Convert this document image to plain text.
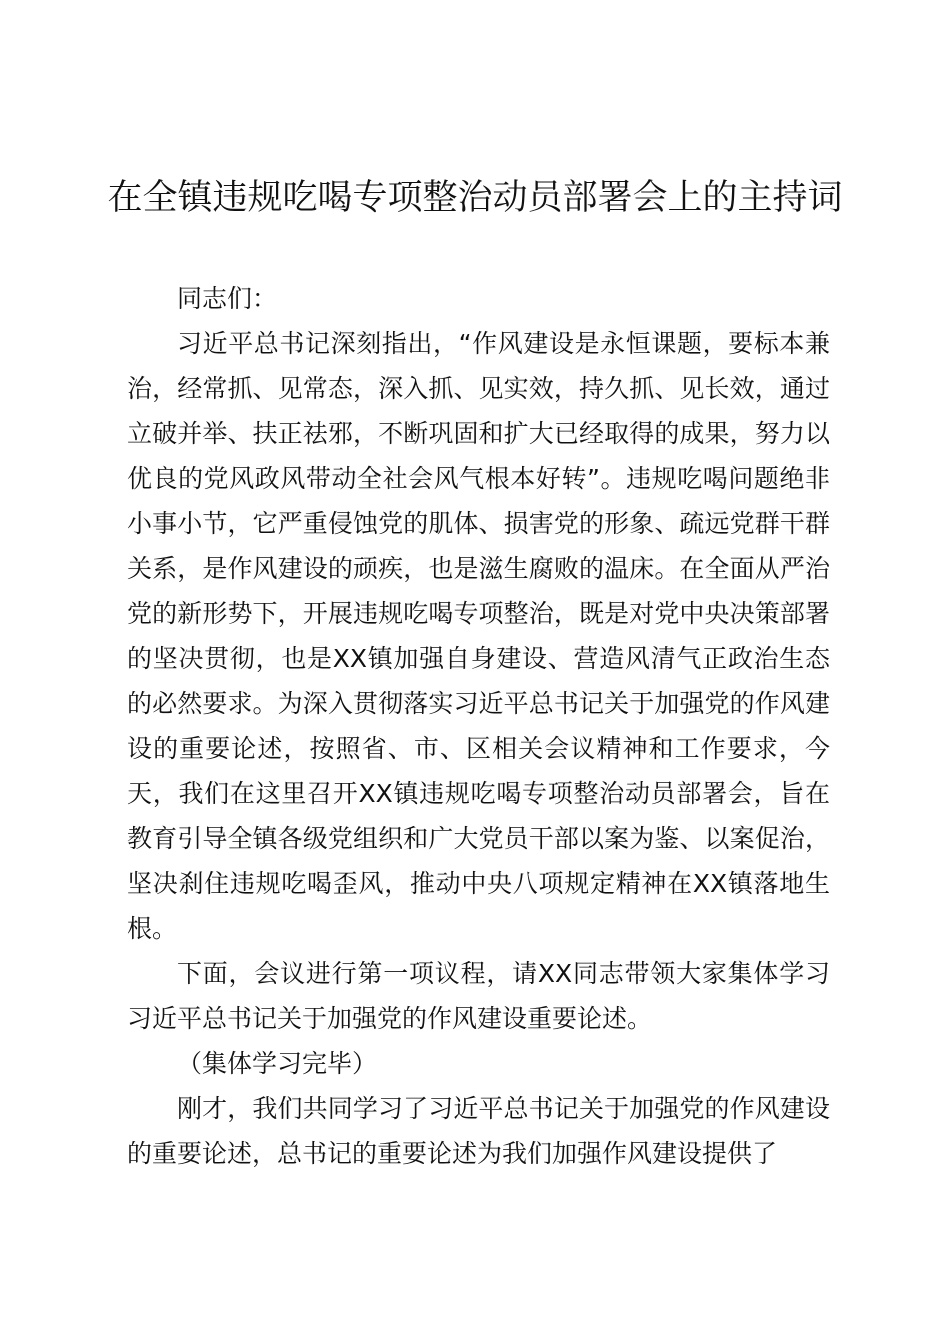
在全镇违规吃喝专项整治动员部署会上的主持词

同志们：

习近平总书记深刻指出，“作风建设是永恒课题，要标本兼治，经常抓、见常态，深入抓、见实效，持久抓、见长效，通过立破并举、扶正祛邪，不断巩固和扩大已经取得的成果，努力以优良的党风政风带动全社会风气根本好转”。违规吃喝问题绝非小事小节，它严重侵蚀党的肌体、损害党的形象、疏远党群干群关系，是作风建设的顽疾，也是滋生腐败的温床。在全面从严治党的新形势下，开展违规吃喝专项整治，既是对党中央决策部署的坚决贯彻，也是XX镇加强自身建设、营造风清气正政治生态的必然要求。为深入贯彻落实习近平总书记关于加强党的作风建设的重要论述，按照省、市、区相关会议精神和工作要求，今天，我们在这里召开XX镇违规吃喝专项整治动员部署会，旨在教育引导全镇各级党组织和广大党员干部以案为鉴、以案促治，坚决刹住违规吃喝歪风，推动中央八项规定精神在XX镇落地生根。

下面，会议进行第一项议程，请XX同志带领大家集体学习习近平总书记关于加强党的作风建设重要论述。

（集体学习完毕）

刚才，我们共同学习了习近平总书记关于加强党的作风建设的重要论述，总书记的重要论述为我们加强作风建设提供了
